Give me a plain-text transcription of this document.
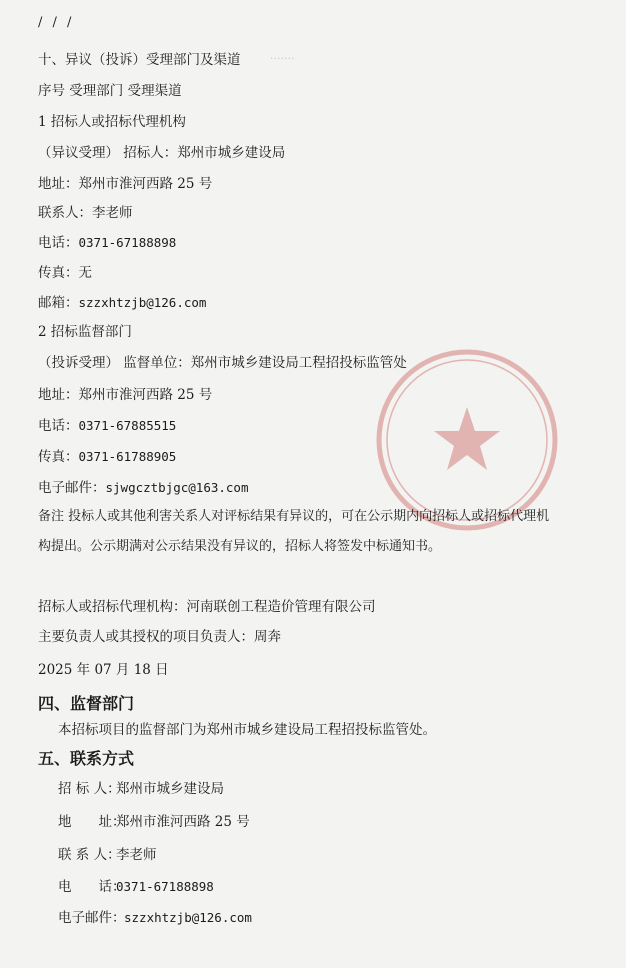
·······
/ / /
十、异议（投诉）受理部门及渠道
序号 受理部门 受理渠道
1 招标人或招标代理机构
（异议受理） 招标人：郑州市城乡建设局
地址：郑州市淮河西路 25 号
联系人：李老师
电话：0371-67188898
传真：无
邮箱：szzxhtzjb@126.com
2 招标监督部门
（投诉受理） 监督单位：郑州市城乡建设局工程招投标监管处
地址：郑州市淮河西路 25 号
电话：0371-67885515
传真：0371-61788905
电子邮件：sjwgcztbjgc@163.com
备注 投标人或其他利害关系人对评标结果有异议的，可在公示期内向招标人或招标代理机
构提出。公示期满对公示结果没有异议的，招标人将签发中标通知书。
招标人或招标代理机构：河南联创工程造价管理有限公司
主要负责人或其授权的项目负责人：周奔
2025 年 07 月 18 日
四、监督部门
本招标项目的监督部门为郑州市城乡建设局工程招投标监管处。
五、联系方式
招 标 人：郑州市城乡建设局
地　　址：郑州市淮河西路 25 号
联 系 人：李老师
电　　话：0371-67188898
电子邮件：szzxhtzjb@126.com
